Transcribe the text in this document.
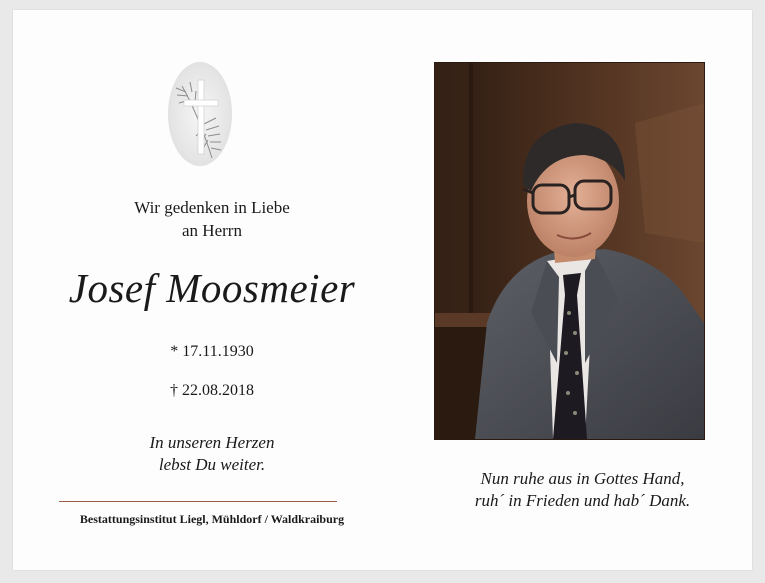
Wir gedenken in Liebe
an Herrn
Josef Moosmeier
* 17.11.1930
† 22.08.2018
In unseren Herzen
lebst Du weiter.
Bestattungsinstitut Liegl, Mühldorf / Waldkraiburg
Nun ruhe aus in Gottes Hand,
ruh´ in Frieden und hab´ Dank.
